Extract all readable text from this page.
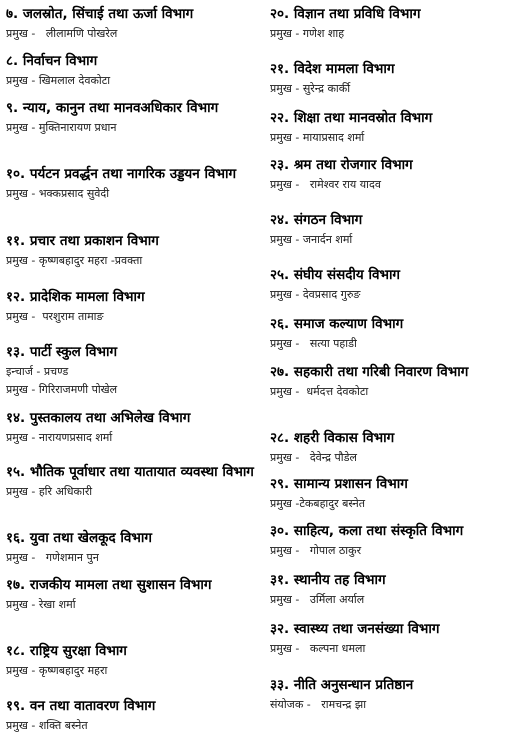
७. जलस्रोत, सिंचाई तथा ऊर्जा विभाग
प्रमुख -   लीलामणि पोखरेल
८. निर्वाचन विभाग
प्रमुख - खिमलाल देवकोटा
९. न्याय, कानुन तथा मानवअधिकार विभाग
प्रमुख - मुक्तिनारायण प्रधान
१०. पर्यटन प्रवर्द्धन तथा नागरिक उड्डयन विभाग
प्रमुख - भक्कप्रसाद सुवेदी
११. प्रचार तथा प्रकाशन विभाग
प्रमुख - कृष्णबहादुर महरा -प्रवक्ता
१२. प्रादेशिक मामला विभाग
प्रमुख -  परशुराम तामाङ
१३. पार्टी स्कुल विभाग
इन्चार्ज - प्रचण्ड
प्रमुख - गिरिराजमणी पोखेल
१४. पुस्तकालय तथा अभिलेख विभाग
प्रमुख - नारायणप्रसाद शर्मा
१५. भौतिक पूर्वाधार तथा यातायात व्यवस्था विभाग
प्रमुख - हरि अधिकारी
१६. युवा तथा खेलकूद विभाग
प्रमुख -   गणेशमान पुन
१७. राजकीय मामला तथा सुशासन विभाग
प्रमुख - रेखा शर्मा
१८. राष्ट्रिय सुरक्षा विभाग
प्रमुख - कृष्णबहादुर महरा
१९. वन तथा वातावरण विभाग
प्रमुख - शक्ति बस्नेत
२०. विज्ञान तथा प्रविधि विभाग
प्रमुख - गणेश शाह
२१. विदेश मामला विभाग
प्रमुख - सुरेन्द्र कार्की
२२. शिक्षा तथा मानवस्रोत विभाग
प्रमुख - मायाप्रसाद शर्मा
२३. श्रम तथा रोजगार विभाग
प्रमुख -   रामेश्वर राय यादव
२४. संगठन विभाग
प्रमुख - जनार्दन शर्मा
२५. संघीय संसदीय विभाग
प्रमुख - देवप्रसाद गुरुङ
२६. समाज कल्याण विभाग
प्रमुख -   सत्या पहाडी
२७. सहकारी तथा गरिबी निवारण विभाग
प्रमुख -  धर्मदत्त देवकोटा
२८. शहरी विकास विभाग
प्रमुख -   देवेन्द्र पौडेल
२९. सामान्य प्रशासन विभाग
प्रमुख -टेकबहादुर बस्नेत
३०. साहित्य, कला तथा संस्कृति विभाग
प्रमुख -   गोपाल ठाकुर
३१. स्थानीय तह विभाग
प्रमुख -   उर्मिला अर्याल
३२. स्वास्थ्य तथा जनसंख्या विभाग
प्रमुख -   कल्पना धमला
३३. नीति अनुसन्धान प्रतिष्ठान
संयोजक -   रामचन्द्र झा
